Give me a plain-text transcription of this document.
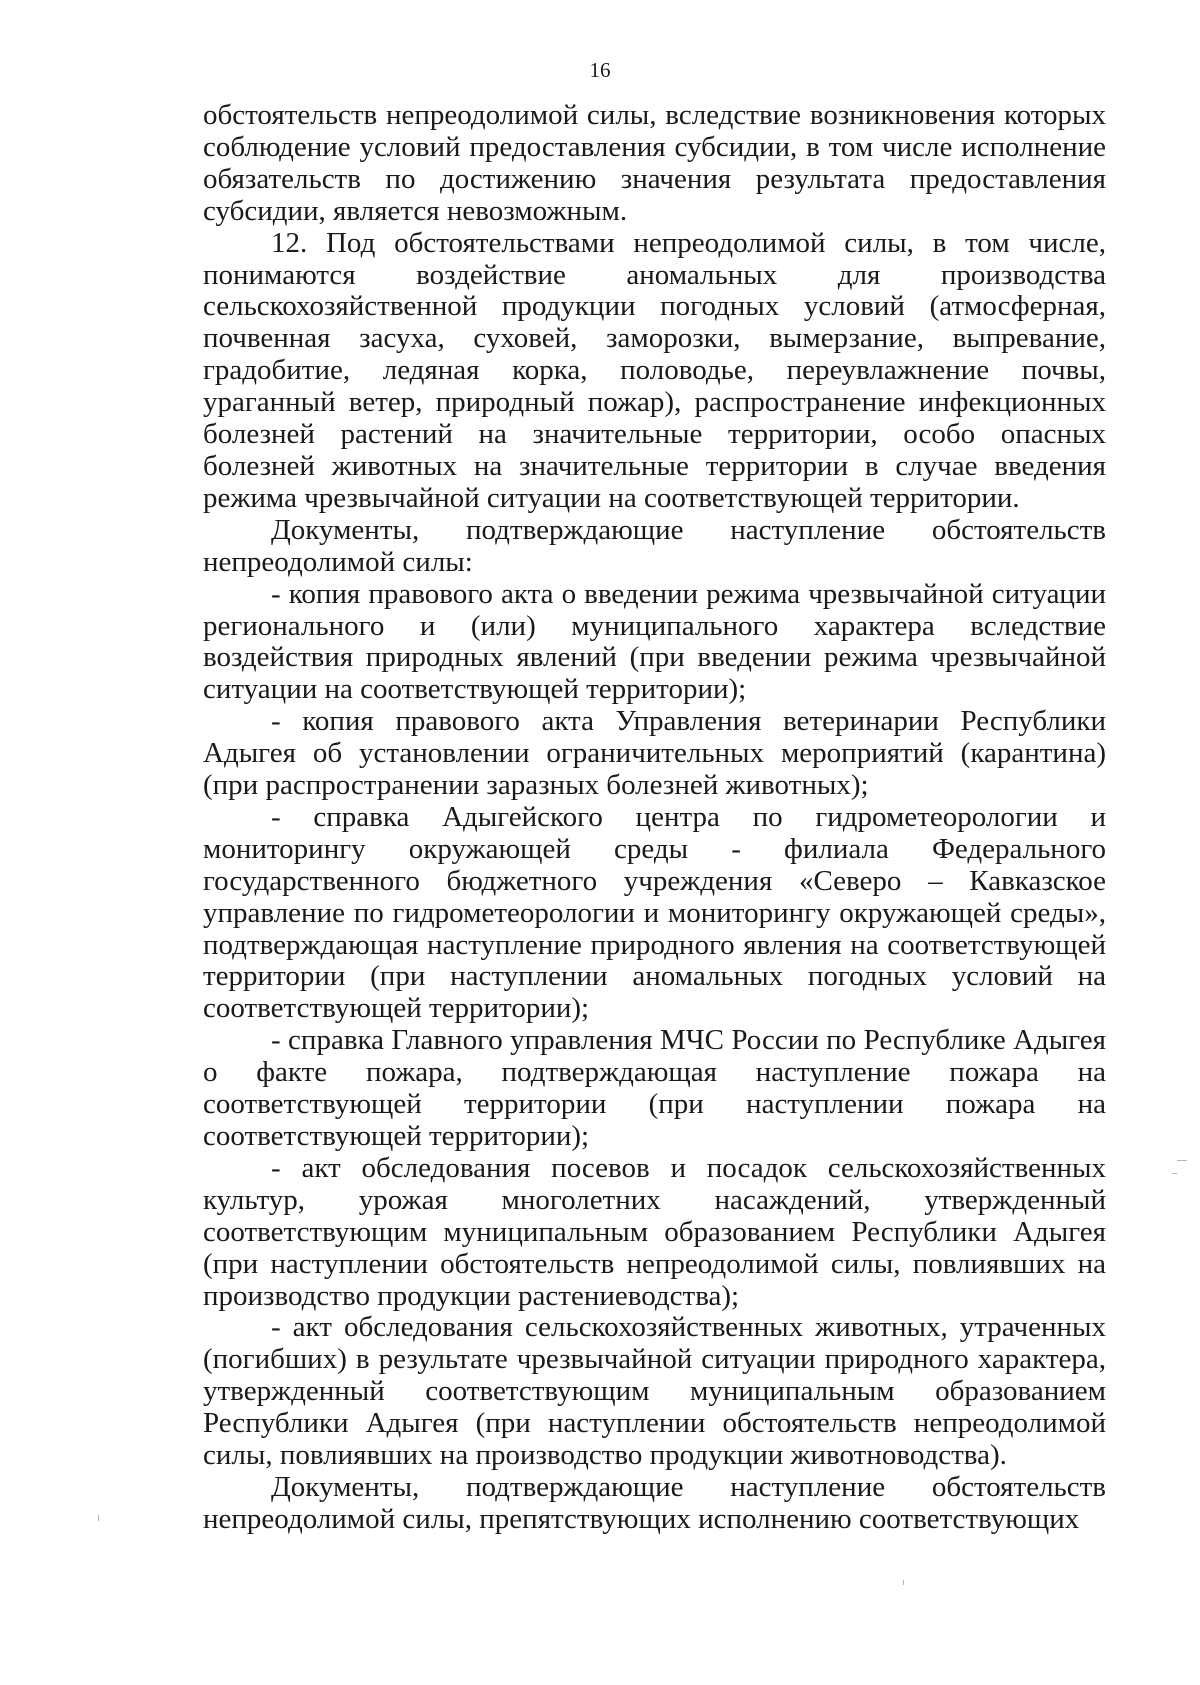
16

обстоятельств непреодолимой силы, вследствие возникновения которых соблюдение условий предоставления субсидии, в том числе исполнение обязательств по достижению значения результата предоставления субсидии, является невозможным.

12. Под обстоятельствами непреодолимой силы, в том числе, понимаются воздействие аномальных для производства сельскохозяйственной продукции погодных условий (атмосферная, почвенная засуха, суховей, заморозки, вымерзание, выпревание, градобитие, ледяная корка, половодье, переувлажнение почвы, ураганный ветер, природный пожар), распространение инфекционных болезней растений на значительные территории, особо опасных болезней животных на значительные территории в случае введения режима чрезвычайной ситуации на соответствующей территории.

Документы, подтверждающие наступление обстоятельств непреодолимой силы:

- копия правового акта о введении режима чрезвычайной ситуации регионального и (или) муниципального характера вследствие воздействия природных явлений (при введении режима чрезвычайной ситуации на соответствующей территории);

- копия правового акта Управления ветеринарии Республики Адыгея об установлении ограничительных мероприятий (карантина) (при распространении заразных болезней животных);

- справка Адыгейского центра по гидрометеорологии и мониторингу окружающей среды - филиала Федерального государственного бюджетного учреждения «Северо – Кавказское управление по гидрометеорологии и мониторингу окружающей среды», подтверждающая наступление природного явления на соответствующей территории (при наступлении аномальных погодных условий на соответствующей территории);

- справка Главного управления МЧС России по Республике Адыгея о факте пожара, подтверждающая наступление пожара на соответствующей территории (при наступлении пожара на соответствующей территории);

- акт обследования посевов и посадок сельскохозяйственных культур, урожая многолетних насаждений, утвержденный соответствующим муниципальным образованием Республики Адыгея (при наступлении обстоятельств непреодолимой силы, повлиявших на производство продукции растениеводства);

- акт обследования сельскохозяйственных животных, утраченных (погибших) в результате чрезвычайной ситуации природного характера, утвержденный соответствующим муниципальным образованием Республики Адыгея (при наступлении обстоятельств непреодолимой силы, повлиявших на производство продукции животноводства).

Документы, подтверждающие наступление обстоятельств непреодолимой силы, препятствующих исполнению соответствующих
